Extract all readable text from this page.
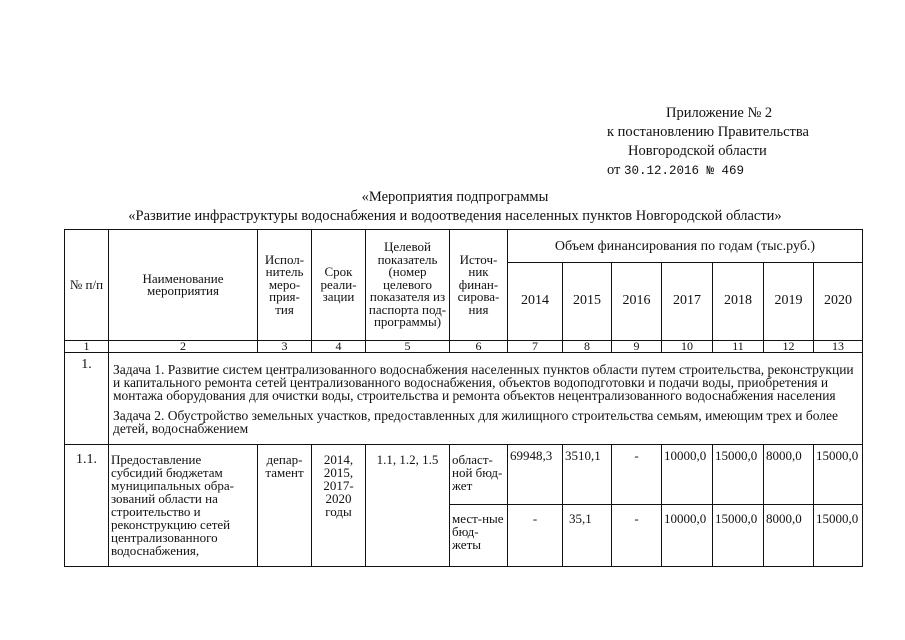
Приложение № 2
к постановлению Правительства
Новгородской области
от 30.12.2016 № 469
«Мероприятия подпрограммы
«Развитие инфраструктуры водоснабжения и водоотведения населенных пунктов Новгородской области»
№ п/п	Наименование мероприятия	Испол-нитель меро-прия-тия	Срок реали-зации	Целевой показатель (номер целевого показателя из паспорта под-программы)	Источ-ник финан-сирова-ния	Объем финансирования по годам (тыс.руб.)						
						2014	2015	2016	2017	2018	2019	2020
1	2	3	4	5	6	7	8	9	10	11	12	13
1.	Задача 1. Развитие систем централизованного водоснабжения населенных пунктов области путем строительства, реконструкции и капитального ремонта сетей централизованного водоснабжения, объектов водоподготовки и подачи воды, приобретения и монтажа оборудования для очистки воды, строительства и ремонта объектов нецентрализованного водоснабжения населения

Задача 2. Обустройство земельных участков, предоставленных для жилищного строительства семьям, имеющим трех и более детей, водоснабжением											

1.1.	Предоставление субсидий бюджетам муниципальных обра-зований области на строительство и реконструкцию сетей централизованного водоснабжения,	депар-тамент	2014, 2015, 2017-2020 годы	1.1, 1.2, 1.5	област-ной бюд-жет	69948,3	3510,1	-	10000,0	15000,0	8000,0	15000,0
					мест-ные бюд-жеты	-	35,1	-	10000,0	15000,0	8000,0	15000,0
